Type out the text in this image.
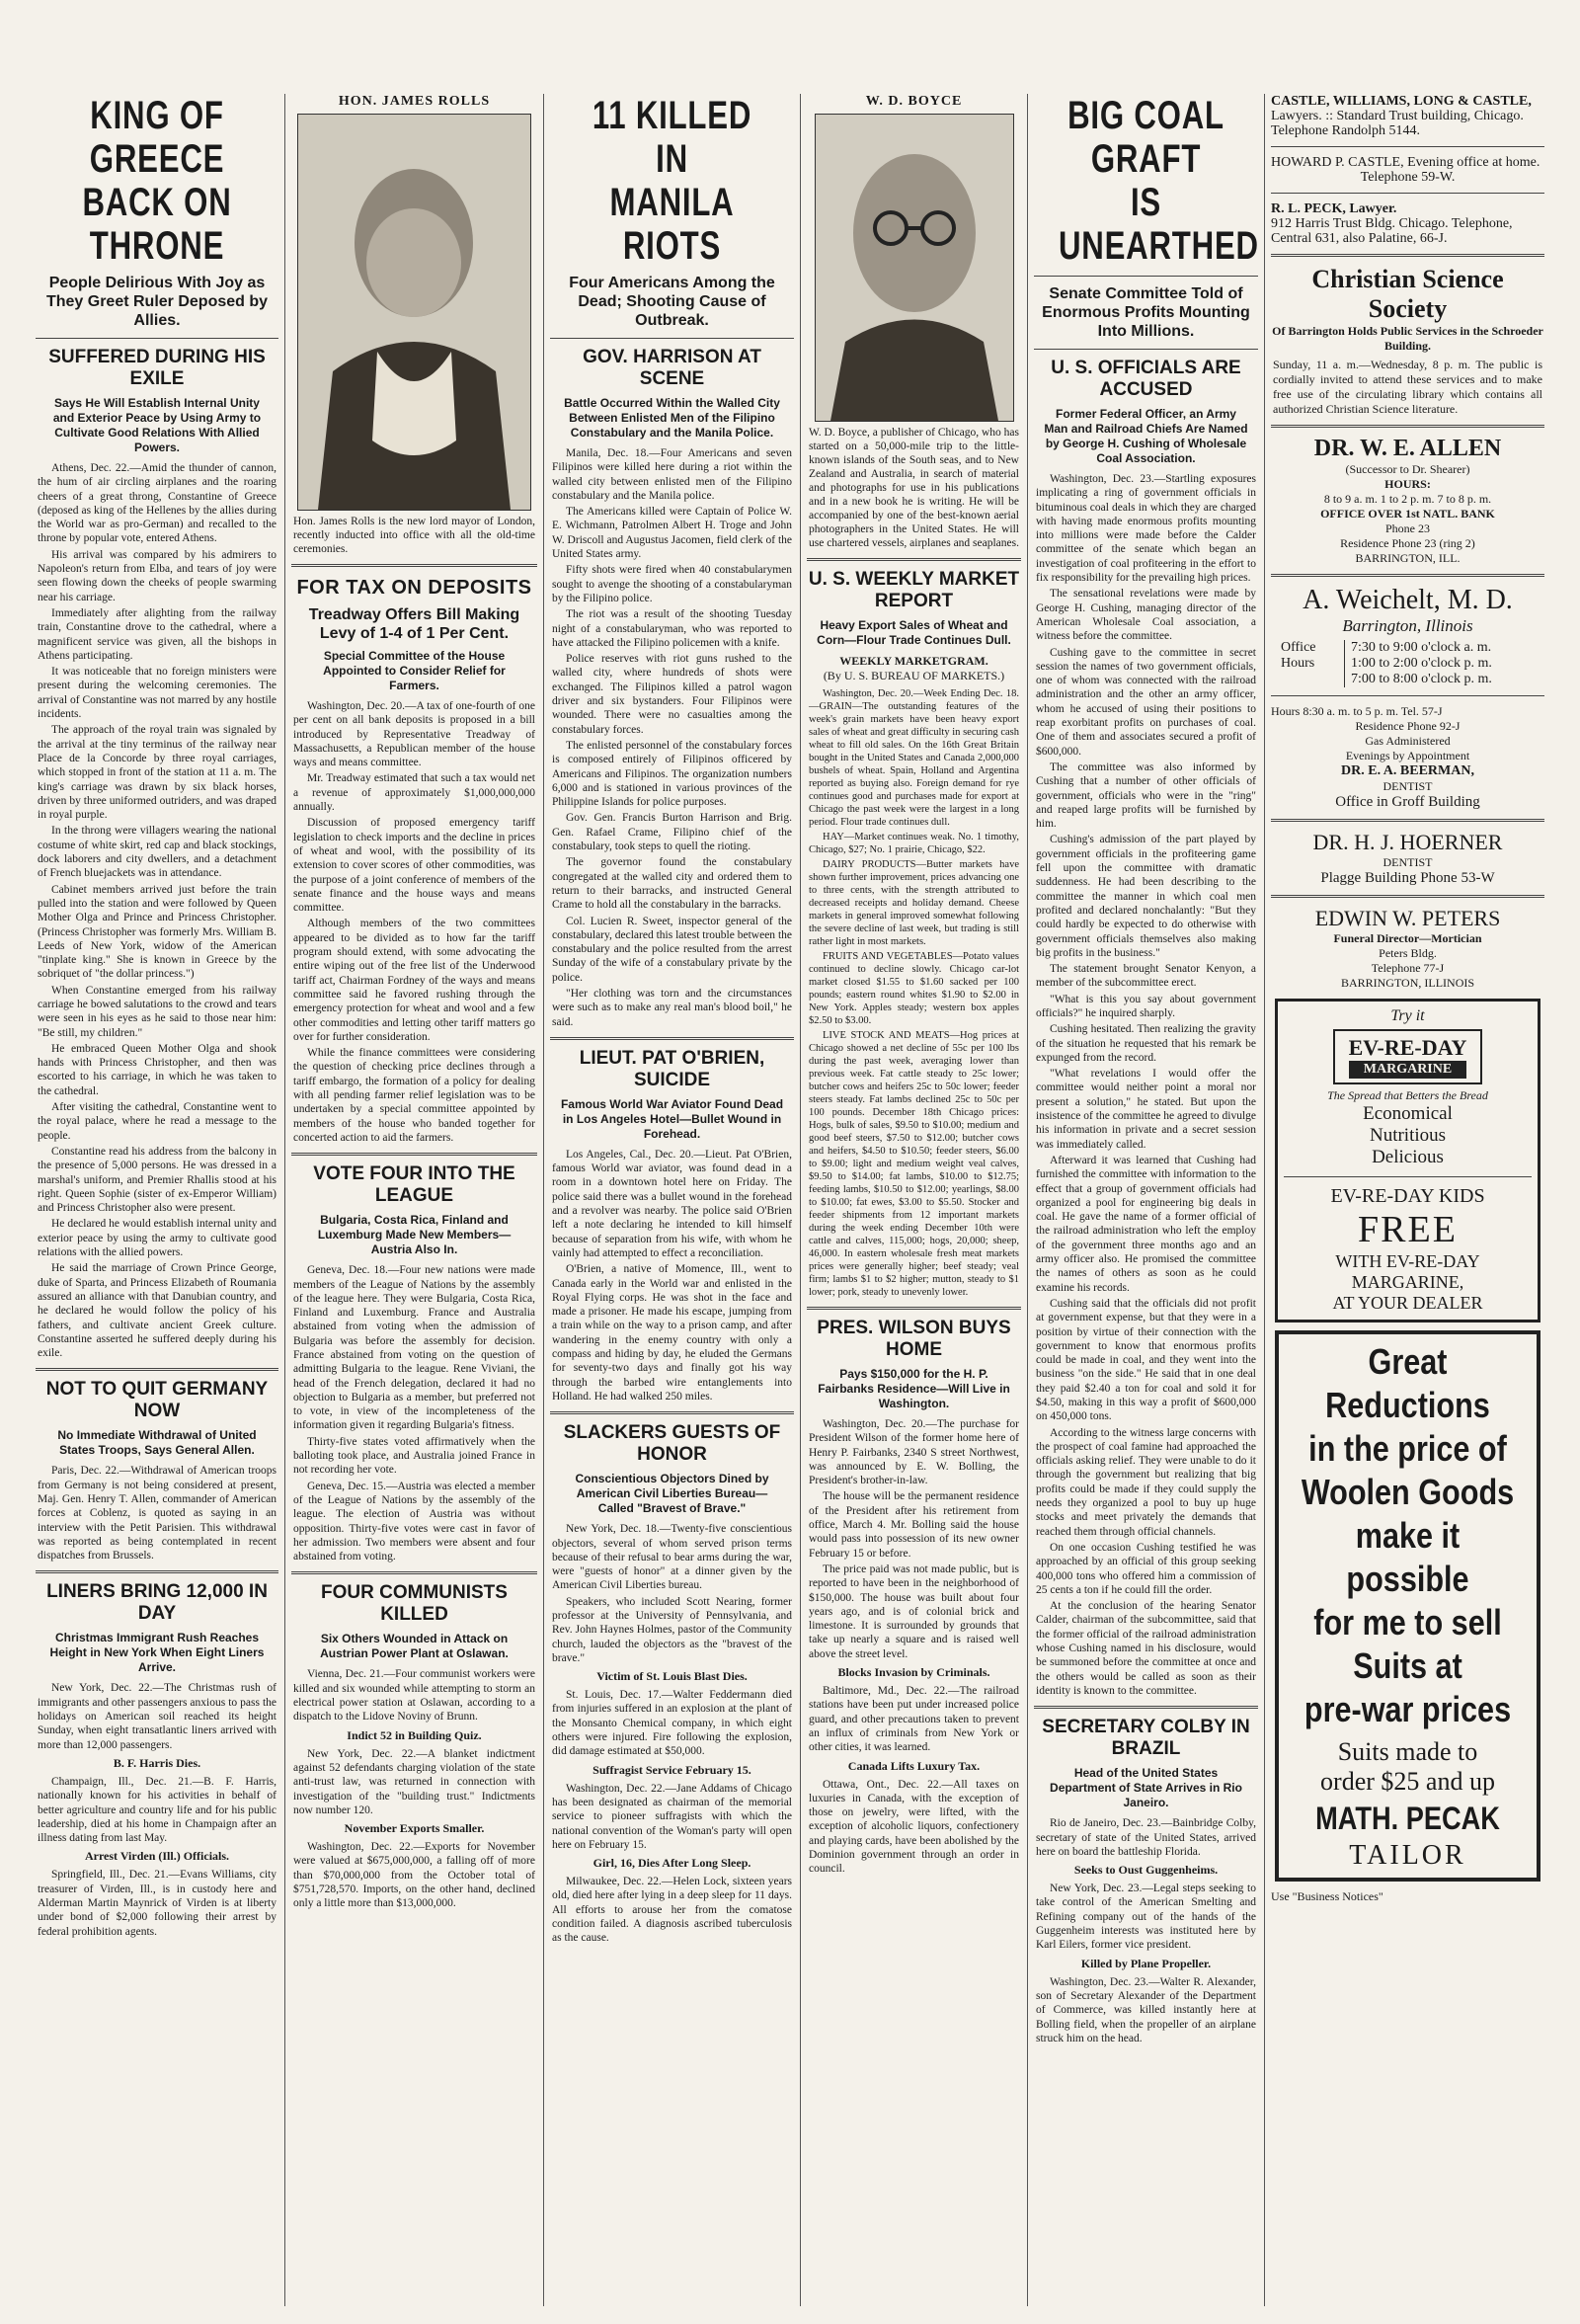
KING OF GREECE
BACK ON THRONE
People Delirious With Joy as They Greet Ruler Deposed by Allies.
SUFFERED DURING HIS EXILE
Says He Will Establish Internal Unity and Exterior Peace by Using Army to Cultivate Good Relations With Allied Powers.

Athens, Dec. 22.—Amid the thunder of cannon, the hum of air circling airplanes and the roaring cheers of a great throng, Constantine of Greece (deposed as king of the Hellenes by the allies during the World war as pro-German) and recalled to the throne by popular vote, entered Athens.

His arrival was compared by his admirers to Napoleon's return from Elba, and tears of joy were seen flowing down the cheeks of people swarming near his carriage.

Immediately after alighting from the railway train, Constantine drove to the cathedral, where a magnificent service was given, all the bishops in Athens participating.

It was noticeable that no foreign ministers were present during the welcoming ceremonies. The arrival of Constantine was not marred by any hostile incidents.

The approach of the royal train was signaled by the arrival at the tiny terminus of the railway near Place de la Concorde by three royal carriages, which stopped in front of the station at 11 a. m. The king's carriage was drawn by six black horses, driven by three uniformed outriders, and was draped in royal purple.

In the throng were villagers wearing the national costume of white skirt, red cap and black stockings, dock laborers and city dwellers, and a detachment of French bluejackets was in attendance.

Cabinet members arrived just before the train pulled into the station and were followed by Queen Mother Olga and Prince and Princess Christopher. (Princess Christopher was formerly Mrs. William B. Leeds of New York, widow of the American "tinplate king." She is known in Greece by the sobriquet of "the dollar princess.")

When Constantine emerged from his railway carriage he bowed salutations to the crowd and tears were seen in his eyes as he said to those near him: "Be still, my children."

He embraced Queen Mother Olga and shook hands with Princess Christopher, and then was escorted to his carriage, in which he was taken to the cathedral.

After visiting the cathedral, Constantine went to the royal palace, where he read a message to the people.

Constantine read his address from the balcony in the presence of 5,000 persons. He was dressed in a marshal's uniform, and Premier Rhallis stood at his right. Queen Sophie (sister of ex-Emperor William) and Princess Christopher also were present.

He declared he would establish internal unity and exterior peace by using the army to cultivate good relations with the allied powers.

He said the marriage of Crown Prince George, duke of Sparta, and Princess Elizabeth of Roumania assured an alliance with that Danubian country, and he declared he would follow the policy of his fathers, and cultivate ancient Greek culture. Constantine asserted he suffered deeply during his exile.

NOT TO QUIT GERMANY NOW
No Immediate Withdrawal of United States Troops, Says General Allen.

Paris, Dec. 22.—Withdrawal of American troops from Germany is not being considered at present, Maj. Gen. Henry T. Allen, commander of American forces at Coblenz, is quoted as saying in an interview with the Petit Parisien. This withdrawal was reported as being contemplated in recent dispatches from Brussels.

LINERS BRING 12,000 IN DAY
Christmas Immigrant Rush Reaches Height in New York When Eight Liners Arrive.

New York, Dec. 22.—The Christmas rush of immigrants and other passengers anxious to pass the holidays on American soil reached its height Sunday, when eight transatlantic liners arrived with more than 12,000 passengers.

B. F. Harris Dies.

Champaign, Ill., Dec. 21.—B. F. Harris, nationally known for his activities in behalf of better agriculture and country life and for his public leadership, died at his home in Champaign after an illness dating from last May.

Arrest Virden (Ill.) Officials.

Springfield, Ill., Dec. 21.—Evans Williams, city treasurer of Virden, Ill., is in custody here and Alderman Martin Maynrick of Virden is at liberty under bond of $2,000 following their arrest by federal prohibition agents.

HON. JAMES ROLLS
Hon. James Rolls is the new lord mayor of London, recently inducted into office with all the old-time ceremonies.
FOR TAX ON DEPOSITS
Treadway Offers Bill Making Levy of 1-4 of 1 Per Cent.
Special Committee of the House Appointed to Consider Relief for Farmers.

Washington, Dec. 20.—A tax of one-fourth of one per cent on all bank deposits is proposed in a bill introduced by Representative Treadway of Massachusetts, a Republican member of the house ways and means committee.

Mr. Treadway estimated that such a tax would net a revenue of approximately $1,000,000,000 annually.

Discussion of proposed emergency tariff legislation to check imports and the decline in prices of wheat and wool, with the possibility of its extension to cover scores of other commodities, was the purpose of a joint conference of members of the senate finance and the house ways and means committee.

Although members of the two committees appeared to be divided as to how far the tariff program should extend, with some advocating the entire wiping out of the free list of the Underwood tariff act, Chairman Fordney of the ways and means committee said he favored rushing through the emergency protection for wheat and wool and a few other commodities and letting other tariff matters go over for further consideration.

While the finance committees were considering the question of checking price declines through a tariff embargo, the formation of a policy for dealing with all pending farmer relief legislation was to be undertaken by a special committee appointed by members of the house who banded together for concerted action to aid the farmers.

VOTE FOUR INTO THE LEAGUE
Bulgaria, Costa Rica, Finland and Luxemburg Made New Members—Austria Also In.

Geneva, Dec. 18.—Four new nations were made members of the League of Nations by the assembly of the league here. They were Bulgaria, Costa Rica, Finland and Luxemburg. France and Australia abstained from voting when the admission of Bulgaria was before the assembly for decision. France abstained from voting on the question of admitting Bulgaria to the league. Rene Viviani, the head of the French delegation, declared it had no objection to Bulgaria as a member, but preferred not to vote, in view of the incompleteness of the information given it regarding Bulgaria's fitness.

Thirty-five states voted affirmatively when the balloting took place, and Australia joined France in not recording her vote.

Geneva, Dec. 15.—Austria was elected a member of the League of Nations by the assembly of the league. The election of Austria was without opposition. Thirty-five votes were cast in favor of her admission. Two members were absent and four abstained from voting.

FOUR COMMUNISTS KILLED
Six Others Wounded in Attack on Austrian Power Plant at Oslawan.

Vienna, Dec. 21.—Four communist workers were killed and six wounded while attempting to storm an electrical power station at Oslawan, according to a dispatch to the Lidove Noviny of Brunn.

Indict 52 in Building Quiz.

New York, Dec. 22.—A blanket indictment against 52 defendants charging violation of the state anti-trust law, was returned in connection with investigation of the "building trust." Indictments now number 120.

November Exports Smaller.

Washington, Dec. 22.—Exports for November were valued at $675,000,000, a falling off of more than $70,000,000 from the October total of $751,728,570. Imports, on the other hand, declined only a little more than $13,000,000.

11 KILLED IN
MANILA RIOTS
Four Americans Among the Dead; Shooting Cause of Outbreak.
GOV. HARRISON AT SCENE
Battle Occurred Within the Walled City Between Enlisted Men of the Filipino Constabulary and the Manila Police.

Manila, Dec. 18.—Four Americans and seven Filipinos were killed here during a riot within the walled city between enlisted men of the Filipino constabulary and the Manila police.

The Americans killed were Captain of Police W. E. Wichmann, Patrolmen Albert H. Troge and John W. Driscoll and Augustus Jacomen, field clerk of the United States army.

Fifty shots were fired when 40 constabularymen sought to avenge the shooting of a constabularyman by the Filipino police.

The riot was a result of the shooting Tuesday night of a constabularyman, who was reported to have attacked the Filipino policemen with a knife.

Police reserves with riot guns rushed to the walled city, where hundreds of shots were exchanged. The Filipinos killed a patrol wagon driver and six bystanders. Four Filipinos were wounded. There were no casualties among the constabulary forces.

The enlisted personnel of the constabulary forces is composed entirely of Filipinos officered by Americans and Filipinos. The organization numbers 6,000 and is stationed in various provinces of the Philippine Islands for police purposes.

Gov. Gen. Francis Burton Harrison and Brig. Gen. Rafael Crame, Filipino chief of the constabulary, took steps to quell the rioting.

The governor found the constabulary congregated at the walled city and ordered them to return to their barracks, and instructed General Crame to hold all the constabulary in the barracks.

Col. Lucien R. Sweet, inspector general of the constabulary, declared this latest trouble between the constabulary and the police resulted from the arrest Sunday of the wife of a constabulary private by the police.

"Her clothing was torn and the circumstances were such as to make any real man's blood boil," he said.

LIEUT. PAT O'BRIEN, SUICIDE
Famous World War Aviator Found Dead in Los Angeles Hotel—Bullet Wound in Forehead.

Los Angeles, Cal., Dec. 20.—Lieut. Pat O'Brien, famous World war aviator, was found dead in a room in a downtown hotel here on Friday. The police said there was a bullet wound in the forehead and a revolver was nearby. The police said O'Brien left a note declaring he intended to kill himself because of separation from his wife, with whom he vainly had attempted to effect a reconciliation.

O'Brien, a native of Momence, Ill., went to Canada early in the World war and enlisted in the Royal Flying corps. He was shot in the face and made a prisoner. He made his escape, jumping from a train while on the way to a prison camp, and after wandering in the enemy country with only a compass and hiding by day, he eluded the Germans for seventy-two days and finally got his way through the barbed wire entanglements into Holland. He had walked 250 miles.

SLACKERS GUESTS OF HONOR
Conscientious Objectors Dined by American Civil Liberties Bureau—Called "Bravest of Brave."

New York, Dec. 18.—Twenty-five conscientious objectors, several of whom served prison terms because of their refusal to bear arms during the war, were "guests of honor" at a dinner given by the American Civil Liberties bureau.

Speakers, who included Scott Nearing, former professor at the University of Pennsylvania, and Rev. John Haynes Holmes, pastor of the Community church, lauded the objectors as the "bravest of the brave."

Victim of St. Louis Blast Dies.

St. Louis, Dec. 17.—Walter Feddermann died from injuries suffered in an explosion at the plant of the Monsanto Chemical company, in which eight others were injured. Fire following the explosion, did damage estimated at $50,000.

Suffragist Service February 15.

Washington, Dec. 22.—Jane Addams of Chicago has been designated as chairman of the memorial service to pioneer suffragists with which the national convention of the Woman's party will open here on February 15.

Girl, 16, Dies After Long Sleep.

Milwaukee, Dec. 22.—Helen Lock, sixteen years old, died here after lying in a deep sleep for 11 days. All efforts to arouse her from the comatose condition failed. A diagnosis ascribed tuberculosis as the cause.

W. D. BOYCE
W. D. Boyce, a publisher of Chicago, who has started on a 50,000-mile trip to the little-known islands of the South seas, and to New Zealand and Australia, in search of material and photographs for use in his publications and in a new book he is writing. He will be accompanied by one of the best-known aerial photographers in the United States. He will use chartered vessels, airplanes and seaplanes.
U. S. WEEKLY MARKET REPORT
Heavy Export Sales of Wheat and Corn—Flour Trade Continues Dull.
WEEKLY MARKETGRAM.
(By U. S. BUREAU OF MARKETS.)

Washington, Dec. 20.—Week Ending Dec. 18.—GRAIN—The outstanding features of the week's grain markets have been heavy export sales of wheat and great difficulty in securing cash wheat to fill old sales. On the 16th Great Britain bought in the United States and Canada 2,000,000 bushels of wheat. Spain, Holland and Argentina reported as buying also. Foreign demand for rye continues good and purchases made for export at Chicago the past week were the largest in a long period. Flour trade continues dull.

HAY—Market continues weak. No. 1 timothy, Chicago, $27; No. 1 prairie, Chicago, $22.

DAIRY PRODUCTS—Butter markets have shown further improvement, prices advancing one to three cents, with the strength attributed to decreased receipts and holiday demand. Cheese markets in general improved somewhat following the severe decline of last week, but trading is still rather light in most markets.

FRUITS AND VEGETABLES—Potato values continued to decline slowly. Chicago car-lot market closed $1.55 to $1.60 sacked per 100 pounds; eastern round whites $1.90 to $2.00 in New York. Apples steady; western box apples $2.50 to $3.00.

LIVE STOCK AND MEATS—Hog prices at Chicago showed a net decline of 55c per 100 lbs during the past week, averaging lower than previous week. Fat cattle steady to 25c lower; butcher cows and heifers 25c to 50c lower; feeder steers steady. Fat lambs declined 25c to 50c per 100 pounds. December 18th Chicago prices: Hogs, bulk of sales, $9.50 to $10.00; medium and good beef steers, $7.50 to $12.00; butcher cows and heifers, $4.50 to $10.50; feeder steers, $6.00 to $9.00; light and medium weight veal calves, $9.50 to $14.00; fat lambs, $10.00 to $12.75; feeding lambs, $10.50 to $12.00; yearlings, $8.00 to $10.00; fat ewes, $3.00 to $5.50. Stocker and feeder shipments from 12 important markets during the week ending December 10th were cattle and calves, 115,000; hogs, 20,000; sheep, 46,000. In eastern wholesale fresh meat markets prices were generally higher; beef steady; veal firm; lambs $1 to $2 higher; mutton, steady to $1 lower; pork, steady to unevenly lower.

PRES. WILSON BUYS HOME
Pays $150,000 for the H. P. Fairbanks Residence—Will Live in Washington.

Washington, Dec. 20.—The purchase for President Wilson of the former home here of Henry P. Fairbanks, 2340 S street Northwest, was announced by E. W. Bolling, the President's brother-in-law.

The house will be the permanent residence of the President after his retirement from office, March 4. Mr. Bolling said the house would pass into possession of its new owner February 15 or before.

The price paid was not made public, but is reported to have been in the neighborhood of $150,000. The house was built about four years ago, and is of colonial brick and limestone. It is surrounded by grounds that take up nearly a square and is raised well above the street level.

Blocks Invasion by Criminals.

Baltimore, Md., Dec. 22.—The railroad stations have been put under increased police guard, and other precautions taken to prevent an influx of criminals from New York or other cities, it was learned.

Canada Lifts Luxury Tax.

Ottawa, Ont., Dec. 22.—All taxes on luxuries in Canada, with the exception of those on jewelry, were lifted, with the exception of alcoholic liquors, confectionery and playing cards, have been abolished by the Dominion government through an order in council.

BIG COAL GRAFT
IS UNEARTHED
Senate Committee Told of Enormous Profits Mounting Into Millions.
U. S. OFFICIALS ARE ACCUSED
Former Federal Officer, an Army Man and Railroad Chiefs Are Named by George H. Cushing of Wholesale Coal Association.

Washington, Dec. 23.—Startling exposures implicating a ring of government officials in bituminous coal deals in which they are charged with having made enormous profits mounting into millions were made before the Calder committee of the senate which began an investigation of coal profiteering in the effort to fix responsibility for the prevailing high prices.

The sensational revelations were made by George H. Cushing, managing director of the American Wholesale Coal association, a witness before the committee.

Cushing gave to the committee in secret session the names of two government officials, one of whom was connected with the railroad administration and the other an army officer, whom he accused of using their positions to reap exorbitant profits on purchases of coal. One of them and associates secured a profit of $600,000.

The committee was also informed by Cushing that a number of other officials of government, officials who were in the "ring" and reaped large profits will be furnished by him.

Cushing's admission of the part played by government officials in the profiteering game fell upon the committee with dramatic suddenness. He had been describing to the committee the manner in which coal men profited and declared nonchalantly: "But they could hardly be expected to do otherwise with government officials themselves also making big profits in the business."

The statement brought Senator Kenyon, a member of the subcommittee erect.

"What is this you say about government officials?" he inquired sharply.

Cushing hesitated. Then realizing the gravity of the situation he requested that his remark be expunged from the record.

"What revelations I would offer the committee would neither point a moral nor present a solution," he stated. But upon the insistence of the committee he agreed to divulge his information in private and a secret session was immediately called.

Afterward it was learned that Cushing had furnished the committee with information to the effect that a group of government officials had organized a pool for engineering big deals in coal. He gave the name of a former official of the railroad administration who left the employ of the government three months ago and an army officer also. He promised the committee the names of others as soon as he could examine his records.

Cushing said that the officials did not profit at government expense, but that they were in a position by virtue of their connection with the government to know that enormous profits could be made in coal, and they went into the business "on the side." He said that in one deal they paid $2.40 a ton for coal and sold it for $4.50, making in this way a profit of $600,000 on 450,000 tons.

According to the witness large concerns with the prospect of coal famine had approached the officials asking relief. They were unable to do it through the government but realizing that big profits could be made if they could supply the needs they organized a pool to buy up huge stocks and meet privately the demands that reached them through official channels.

On one occasion Cushing testified he was approached by an official of this group seeking 400,000 tons who offered him a commission of 25 cents a ton if he could fill the order.

At the conclusion of the hearing Senator Calder, chairman of the subcommittee, said that the former official of the railroad administration whose Cushing named in his disclosure, would be summoned before the committee at once and the others would be called as soon as their identity is known to the committee.

SECRETARY COLBY IN BRAZIL
Head of the United States Department of State Arrives in Rio Janeiro.

Rio de Janeiro, Dec. 23.—Bainbridge Colby, secretary of state of the United States, arrived here on board the battleship Florida.

Seeks to Oust Guggenheims.

New York, Dec. 23.—Legal steps seeking to take control of the American Smelting and Refining company out of the hands of the Guggenheim interests was instituted here by Karl Eilers, former vice president.

Killed by Plane Propeller.

Washington, Dec. 23.—Walter R. Alexander, son of Secretary Alexander of the Department of Commerce, was killed instantly here at Bolling field, when the propeller of an airplane struck him on the head.

CASTLE, WILLIAMS, LONG & CASTLE,
Lawyers. :: Standard Trust building, Chicago. Telephone Randolph 5144.
HOWARD P. CASTLE, Evening office at home.
Telephone 59-W.
R. L. PECK, Lawyer.
912 Harris Trust Bldg. Chicago. Telephone, Central 631, also Palatine, 66-J.
Christian Science Society
Of Barrington Holds Public Services in the Schroeder Building.
Sunday, 11 a. m.—Wednesday, 8 p. m. The public is cordially invited to attend these services and to make free use of the circulating library which contains all authorized Christian Science literature.
DR. W. E. ALLEN
(Successor to Dr. Shearer)
HOURS:
8 to 9 a. m. 1 to 2 p. m. 7 to 8 p. m.
OFFICE OVER 1st NATL. BANK
Phone 23
Residence Phone 23 (ring 2)
BARRINGTON, ILL.
A. Weichelt, M. D.
Barrington, Illinois
Office Hours
7:30 to 9:00 o'clock a. m.
1:00 to 2:00 o'clock p. m.
7:00 to 8:00 o'clock p. m.
Hours 8:30 a. m. to 5 p. m. Tel. 57-J
Residence Phone 92-J
Gas Administered
Evenings by Appointment
DR. E. A. BEERMAN,
DENTIST
Office in Groff Building
DR. H. J. HOERNER
DENTIST
Plagge Building Phone 53-W
EDWIN W. PETERS
Funeral Director—Mortician
Peters Bldg.
Telephone 77-J
BARRINGTON, ILLINOIS
Try it
EV-RE-DAY
MARGARINE
The Spread that Betters the Bread
Economical
Nutritious
Delicious
EV-RE-DAY KIDS
FREE
WITH EV-RE-DAY
MARGARINE,
AT YOUR DEALER
Great Reductions
in the price of
Woolen Goods
make it possible
for me to sell
Suits at
pre-war prices
Suits made to
order $25 and up
MATH. PECAK
TAILOR
Use "Business Notices"
